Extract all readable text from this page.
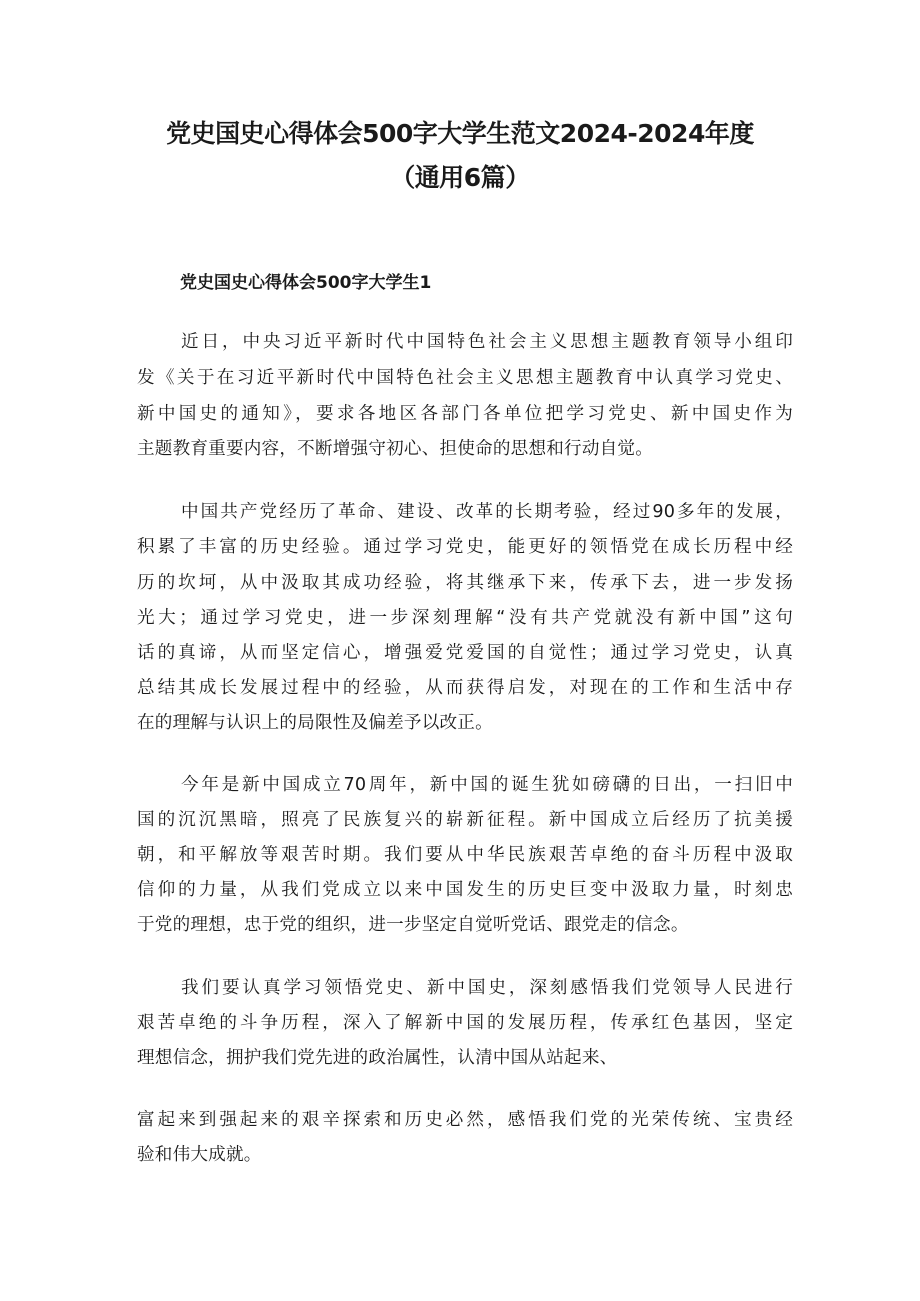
党史国史心得体会500字大学生范文2024-2024年度
（通用6篇）
党史国史心得体会500字大学生1

近日，中央习近平新时代中国特色社会主义思想主题教育领导小组印

发《关于在习近平新时代中国特色社会主义思想主题教育中认真学习党史、

新中国史的通知》，要求各地区各部门各单位把学习党史、新中国史作为

主题教育重要内容，不断增强守初心、担使命的思想和行动自觉。

中国共产党经历了革命、建设、改革的长期考验，经过90多年的发展，

积累了丰富的历史经验。通过学习党史，能更好的领悟党在成长历程中经

历的坎坷，从中汲取其成功经验，将其继承下来，传承下去，进一步发扬

光大；通过学习党史，进一步深刻理解“没有共产党就没有新中国”这句

话的真谛，从而坚定信心，增强爱党爱国的自觉性；通过学习党史，认真

总结其成长发展过程中的经验，从而获得启发，对现在的工作和生活中存

在的理解与认识上的局限性及偏差予以改正。

今年是新中国成立70周年，新中国的诞生犹如磅礴的日出，一扫旧中

国的沉沉黑暗，照亮了民族复兴的崭新征程。新中国成立后经历了抗美援

朝，和平解放等艰苦时期。我们要从中华民族艰苦卓绝的奋斗历程中汲取

信仰的力量，从我们党成立以来中国发生的历史巨变中汲取力量，时刻忠

于党的理想，忠于党的组织，进一步坚定自觉听党话、跟党走的信念。

我们要认真学习领悟党史、新中国史，深刻感悟我们党领导人民进行

艰苦卓绝的斗争历程，深入了解新中国的发展历程，传承红色基因，坚定

理想信念，拥护我们党先进的政治属性，认清中国从站起来、

富起来到强起来的艰辛探索和历史必然，感悟我们党的光荣传统、宝贵经

验和伟大成就。
